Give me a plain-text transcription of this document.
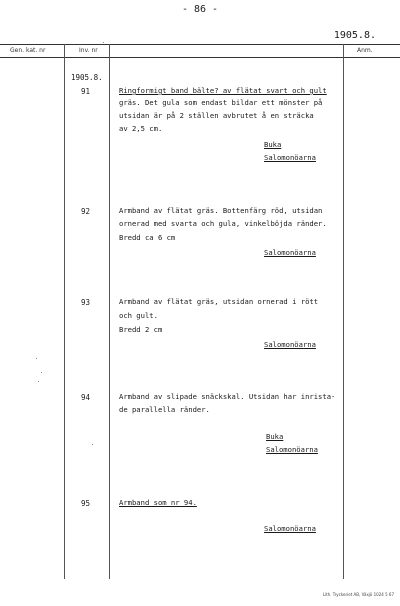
- 86 -
1905.8.
Gen. kat. nr	Inv. nr	Anm.
1905.8.
91	Ringformigt band bälte? av flätat svart och gult
gräs. Det gula som endast bildar ett mönster på
utsidan är på 2 ställen avbrutet å en sträcka
av 2,5 cm.
Buka
Salomonöarna
92	Armband av flätat gräs. Bottenfärg röd, utsidan
ornerad med svarta och gula, vinkelböjda ränder.
Bredd ca 6 cm
Salomonöarna
93	Armband av flätat gräs, utsidan ornerad i rött
och gult.
Bredd 2 cm
Salomonöarna
94	Armband av slipade snäckskal. Utsidan har inrista-
de parallella ränder.
Buka
Salomonöarna
95	Armband som nr 94.
Salomonöarna
Lith. Tryckeriet AB, Växjö 1024 5 67
